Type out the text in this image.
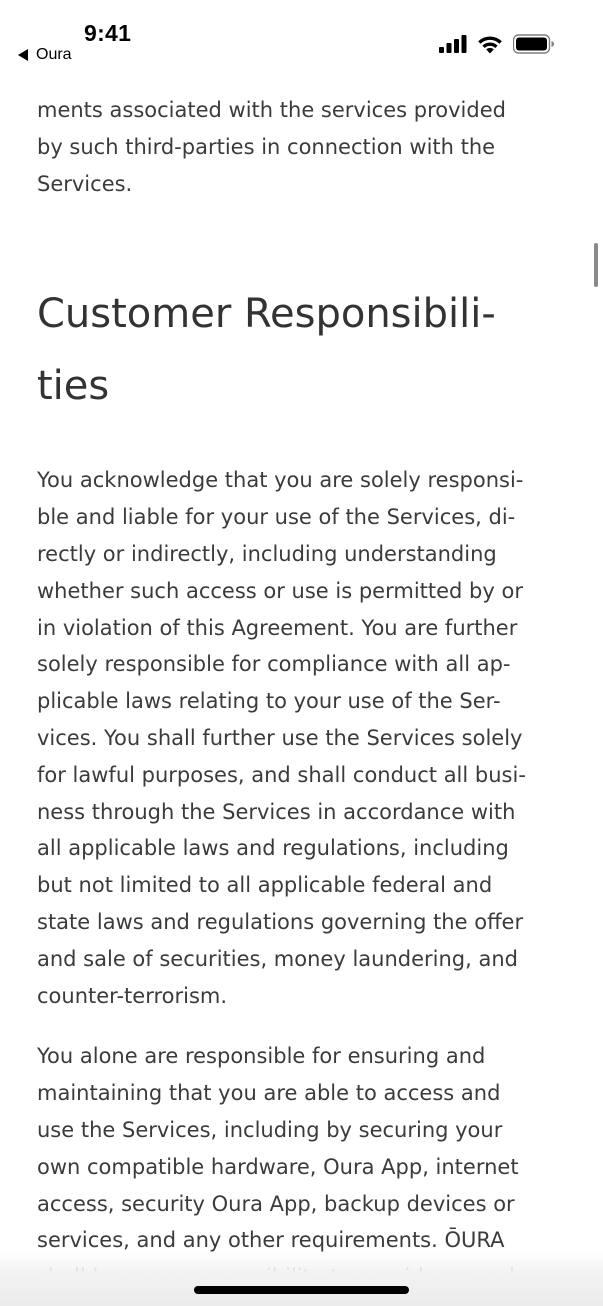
9:41
Oura

ments associated with the services provided
by such third-parties in connection with the
Services.

Customer Responsibili-
ties

You acknowledge that you are solely responsi-
ble and liable for your use of the Services, di-
rectly or indirectly, including understanding
whether such access or use is permitted by or
in violation of this Agreement. You are further
solely responsible for compliance with all ap-
plicable laws relating to your use of the Ser-
vices. You shall further use the Services solely
for lawful purposes, and shall conduct all busi-
ness through the Services in accordance with
all applicable laws and regulations, including
but not limited to all applicable federal and
state laws and regulations governing the offer
and sale of securities, money laundering, and
counter-terrorism.

You alone are responsible for ensuring and
maintaining that you are able to access and
use the Services, including by securing your
own compatible hardware, Oura App, internet
access, security Oura App, backup devices or
services, and any other requirements. ŌURA
